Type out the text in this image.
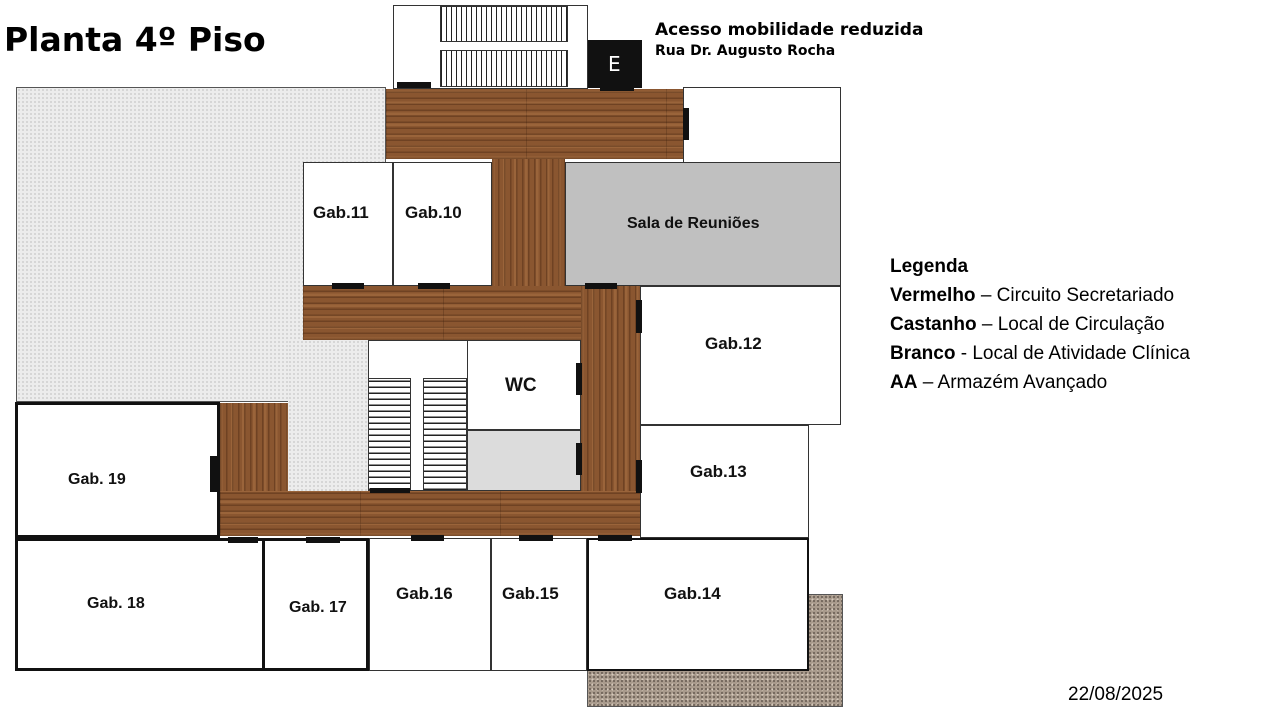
Planta 4º Piso
E
Acesso mobilidade reduzida
Rua Dr. Augusto Rocha
Gab.11 Gab.10
Sala de Reuniões
Gab.12
WC
Gab.13
Gab. 19
Gab. 18	Gab. 17
Gab.16	Gab.15	Gab.14
Legenda
Vermelho – Circuito Secretariado
Castanho – Local de Circulação
Branco - Local de Atividade Clínica
AA – Armazém Avançado
22/08/2025
